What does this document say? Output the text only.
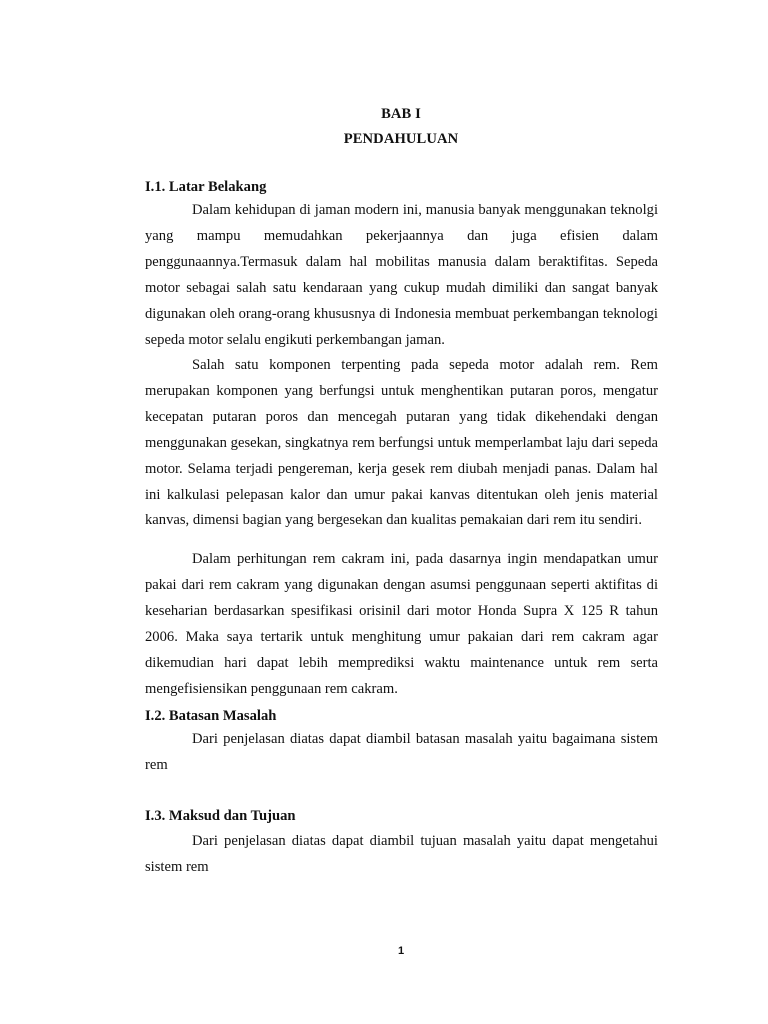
BAB I
PENDAHULUAN
I.1. Latar Belakang

Dalam kehidupan di jaman modern ini, manusia banyak menggunakan teknolgi yang mampu memudahkan pekerjaannya dan juga efisien dalam penggunaannya.Termasuk dalam hal mobilitas manusia dalam beraktifitas. Sepeda motor sebagai salah satu kendaraan yang cukup mudah dimiliki dan sangat banyak digunakan oleh orang-orang khususnya di Indonesia membuat perkembangan teknologi sepeda motor selalu engikuti perkembangan jaman.

Salah satu komponen terpenting pada sepeda motor adalah rem. Rem merupakan komponen yang berfungsi untuk menghentikan putaran poros, mengatur kecepatan putaran poros dan mencegah putaran yang tidak dikehendaki dengan menggunakan gesekan, singkatnya rem berfungsi untuk memperlambat laju dari sepeda motor. Selama terjadi pengereman, kerja gesek rem diubah menjadi panas. Dalam hal ini kalkulasi pelepasan kalor dan umur pakai kanvas ditentukan oleh jenis material kanvas, dimensi bagian yang bergesekan dan kualitas pemakaian dari rem itu sendiri.

Dalam perhitungan rem cakram ini, pada dasarnya ingin mendapatkan umur pakai dari rem cakram yang digunakan dengan asumsi penggunaan seperti aktifitas di keseharian berdasarkan spesifikasi orisinil dari motor Honda Supra X 125 R tahun 2006. Maka saya tertarik untuk menghitung umur pakaian dari rem cakram agar dikemudian hari dapat lebih memprediksi waktu maintenance untuk rem serta mengefisiensikan penggunaan rem cakram.

I.2. Batasan Masalah

Dari penjelasan diatas dapat diambil batasan masalah yaitu bagaimana sistem rem

I.3. Maksud dan Tujuan

Dari penjelasan diatas dapat diambil tujuan masalah yaitu dapat mengetahui sistem rem

1
